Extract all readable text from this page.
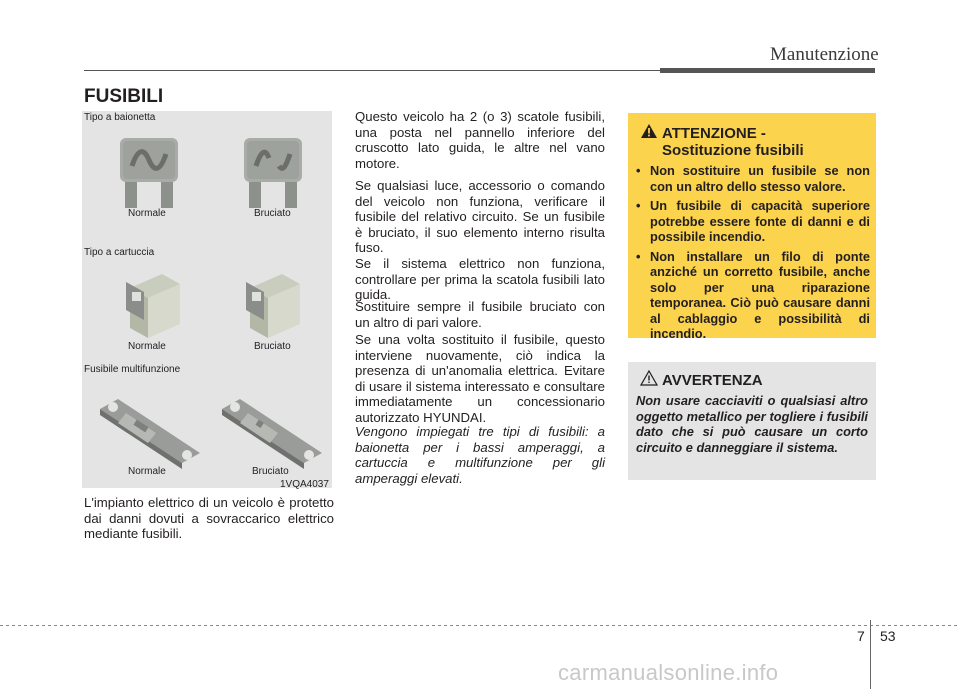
Manutenzione
FUSIBILI
Tipo a baionetta
Normale	Bruciato
Tipo a cartuccia
Normale	Bruciato
Fusibile multifunzione
Normale	Bruciato
1VQA4037

L'impianto elettrico di un veicolo è protetto dai danni dovuti a sovraccarico elettrico mediante fusibili.

Questo veicolo ha 2 (o 3) scatole fusibili, una posta nel pannello inferiore del cruscotto lato guida, le altre nel vano motore.

Se qualsiasi luce, accessorio o comando del veicolo non funziona, verificare il fusibile del relativo circuito. Se un fusibile è bruciato, il suo elemento interno risulta fuso.

Se il sistema elettrico non funziona, controllare per prima la scatola fusibili lato guida.

Sostituire sempre il fusibile bruciato con un altro di pari valore.

Se una volta sostituito il fusibile, questo interviene nuovamente, ciò indica la presenza di un'anomalia elettrica. Evitare di usare il sistema interessato e consultare immediatamente un concessionario autorizzato HYUNDAI.

Vengono impiegati tre tipi di fusibili: a baionetta per i bassi amperaggi, a cartuccia e multifunzione per gli amperaggi elevati.

ATTENZIONE -
Sostituzione fusibili
• Non sostituire un fusibile se non con un altro dello stesso valore.
• Un fusibile di capacità superiore potrebbe essere fonte di danni e di possibile incendio.
• Non installare un filo di ponte anziché un corretto fusibile, anche solo per una riparazione temporanea. Ciò può causare danni al cablaggio e possibilità di incendio.
AVVERTENZA

Non usare cacciaviti o qualsiasi altro oggetto metallico per togliere i fusibili dato che si può causare un corto circuito e danneggiare il sistema.

7 53
carmanualsonline.info
